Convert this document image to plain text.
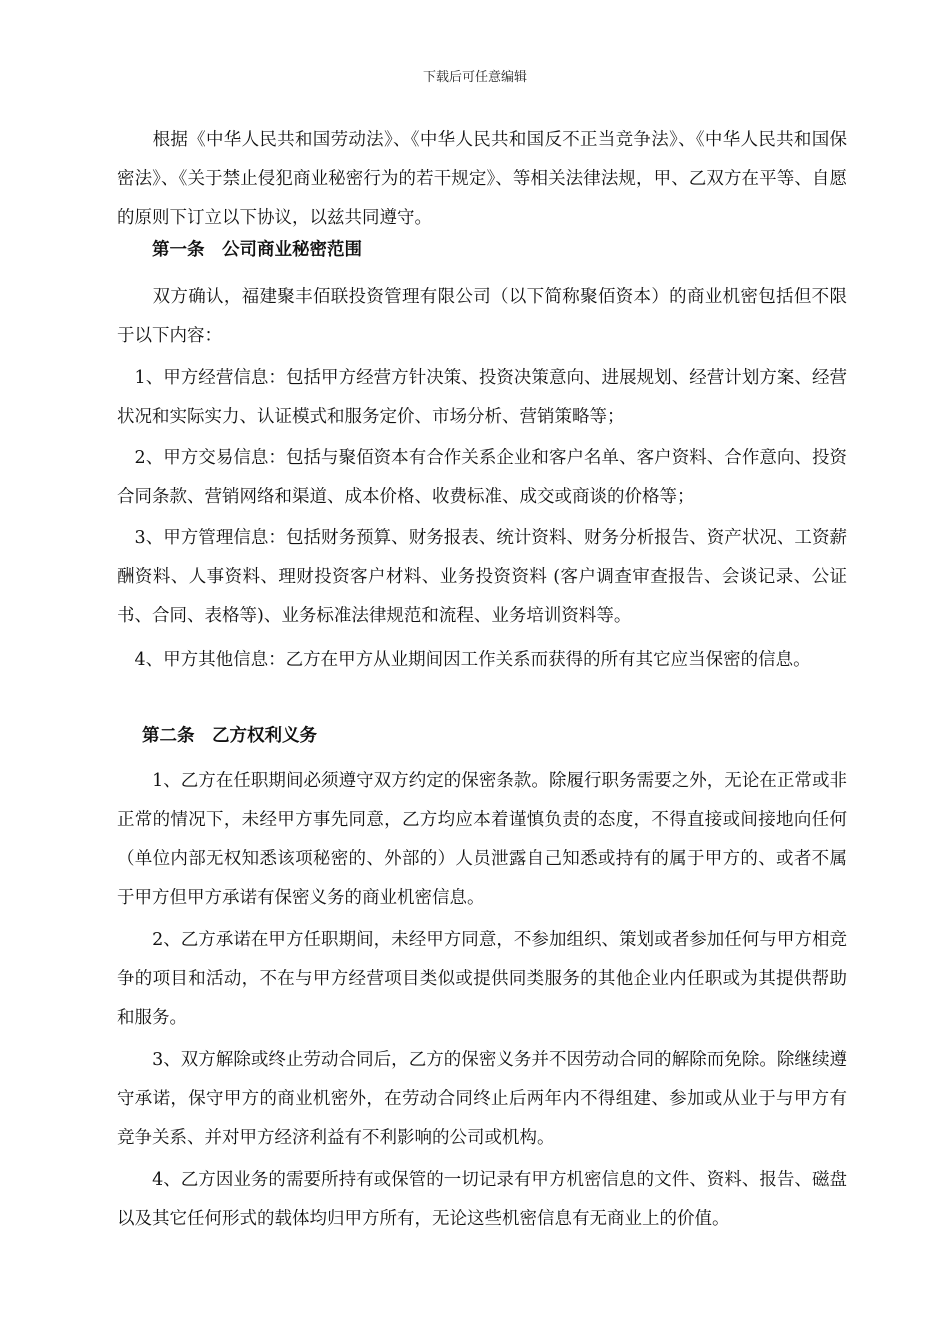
下载后可任意编辑

　　根据《中华人民共和国劳动法》、《中华人民共和国反不正当竞争法》、《中华人民共和国保密法》、《关于禁止侵犯商业秘密行为的若干规定》、等相关法律法规，甲、乙双方在平等、自愿的原则下订立以下协议，以兹共同遵守。

第一条　公司商业秘密范围

　　双方确认，福建聚丰佰联投资管理有限公司（以下简称聚佰资本）的商业机密包括但不限于以下内容：

　1、甲方经营信息：包括甲方经营方针决策、投资决策意向、进展规划、经营计划方案、经营状况和实际实力、认证模式和服务定价、市场分析、营销策略等；

　2、甲方交易信息：包括与聚佰资本有合作关系企业和客户名单、客户资料、合作意向、投资合同条款、营销网络和渠道、成本价格、收费标准、成交或商谈的价格等；

　3、甲方管理信息：包括财务预算、财务报表、统计资料、财务分析报告、资产状况、工资薪酬资料、人事资料、理财投资客户材料、业务投资资料 (客户调查审查报告、会谈记录、公证书、合同、表格等)、业务标准法律规范和流程、业务培训资料等。

　4、甲方其他信息：乙方在甲方从业期间因工作关系而获得的所有其它应当保密的信息。

第二条　乙方权利义务

　　1、乙方在任职期间必须遵守双方约定的保密条款。除履行职务需要之外，无论在正常或非正常的情况下，未经甲方事先同意，乙方均应本着谨慎负责的态度，不得直接或间接地向任何（单位内部无权知悉该项秘密的、外部的）人员泄露自己知悉或持有的属于甲方的、或者不属于甲方但甲方承诺有保密义务的商业机密信息。

　　2、乙方承诺在甲方任职期间，未经甲方同意，不参加组织、策划或者参加任何与甲方相竞争的项目和活动，不在与甲方经营项目类似或提供同类服务的其他企业内任职或为其提供帮助和服务。

　　3、双方解除或终止劳动合同后，乙方的保密义务并不因劳动合同的解除而免除。除继续遵守承诺，保守甲方的商业机密外，在劳动合同终止后两年内不得组建、参加或从业于与甲方有竞争关系、并对甲方经济利益有不利影响的公司或机构。

　　4、乙方因业务的需要所持有或保管的一切记录有甲方机密信息的文件、资料、报告、磁盘以及其它任何形式的载体均归甲方所有，无论这些机密信息有无商业上的价值。
